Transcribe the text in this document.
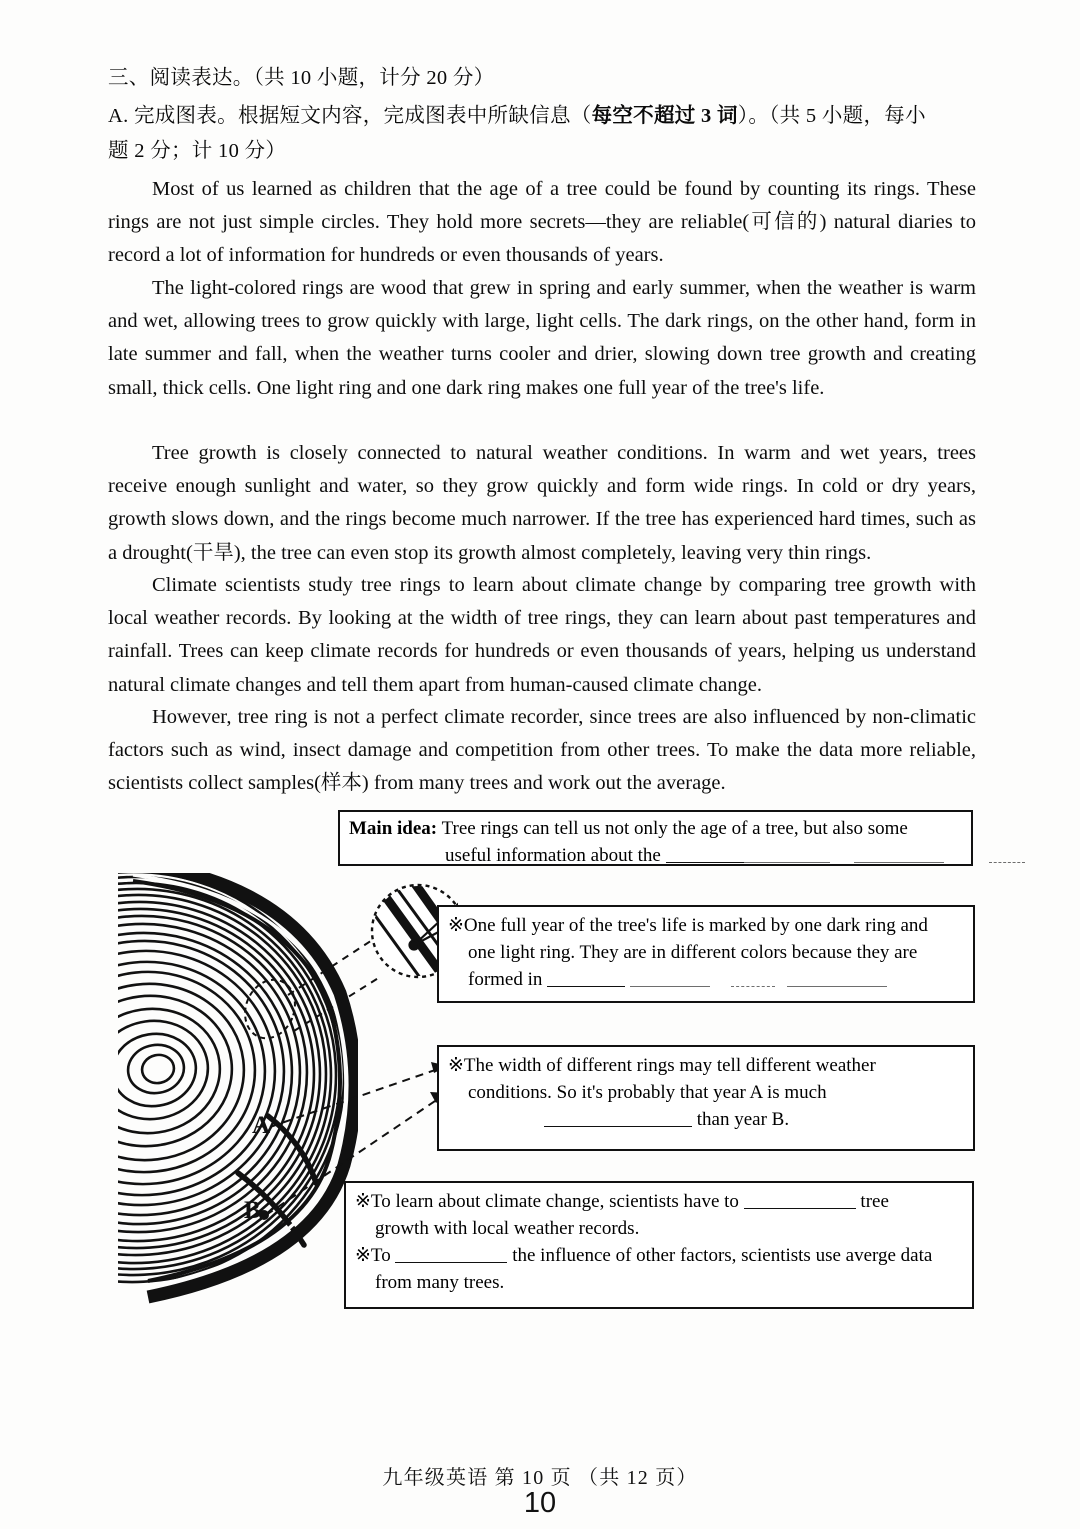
三、阅读表达。（共 10 小题，计分 20 分）
A. 完成图表。根据短文内容，完成图表中所缺信息（每空不超过 3 词）。（共 5 小题，每小
题 2 分；计 10 分）
Most of us learned as children that the age of a tree could be found by counting its rings. These rings are not just simple circles. They hold more secrets—they are reliable(可信的) natural diaries to record a lot of information for hundreds or even thousands of years.
The light-colored rings are wood that grew in spring and early summer, when the weather is warm and wet, allowing trees to grow quickly with large, light cells. The dark rings, on the other hand, form in late summer and fall, when the weather turns cooler and drier, slowing down tree growth and creating small, thick cells. One light ring and one dark ring makes one full year of the tree's life.
Tree growth is closely connected to natural weather conditions. In warm and wet years, trees receive enough sunlight and water, so they grow quickly and form wide rings. In cold or dry years, growth slows down, and the rings become much narrower. If the tree has experienced hard times, such as a drought(干旱), the tree can even stop its growth almost completely, leaving very thin rings.
Climate scientists study tree rings to learn about climate change by comparing tree growth with local weather records. By looking at the width of tree rings, they can learn about past temperatures and rainfall. Trees can keep climate records for hundreds or even thousands of years, helping us understand natural climate changes and tell them apart from human-caused climate change.
However, tree ring is not a perfect climate recorder, since trees are also influenced by non-climatic factors such as wind, insect damage and competition from other trees. To make the data more reliable, scientists collect samples(样本) from many trees and work out the average.
Main idea: Tree rings can tell us not only the age of a tree, but also some
useful information about the
※One full year of the tree's life is marked by one dark ring and
one light ring. They are in different colors because they are
formed in
※The width of different rings may tell different weather
conditions. So it's probably that year A is much
than year B.
※To learn about climate change, scientists have to	tree
growth with local weather records.
※To	the influence of other factors, scientists use averge data
from many trees.
A
B
九年级英语 第 10 页 （共 12 页）
10
